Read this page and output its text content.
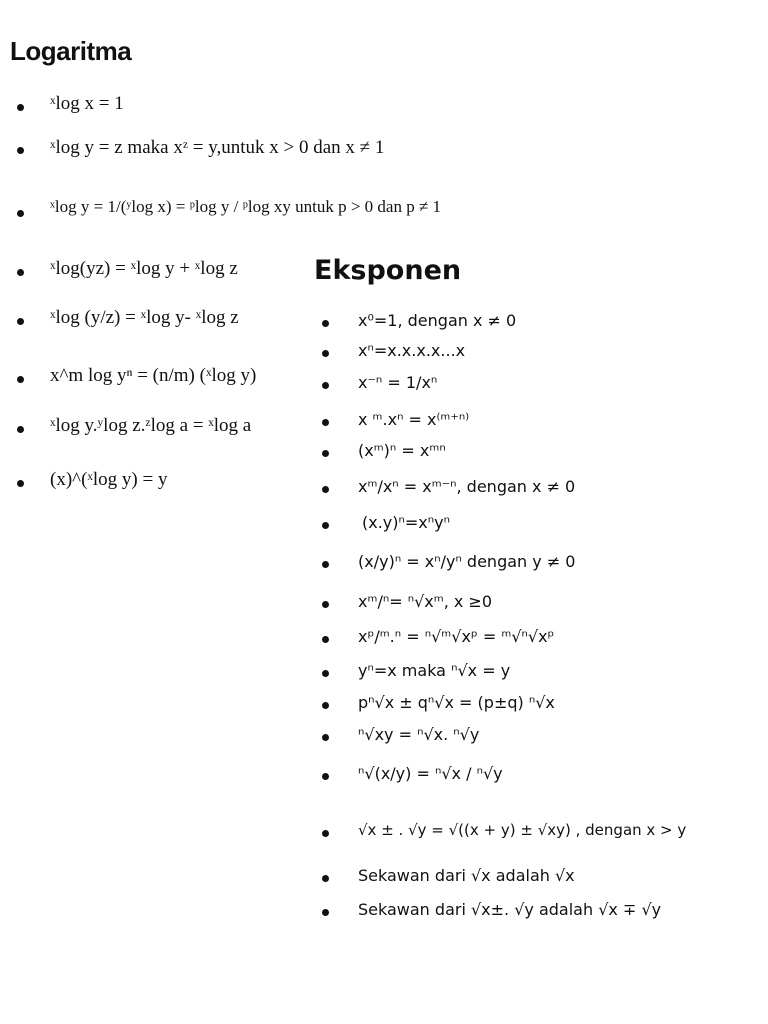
Logaritma
Eksponen
ˣlog x = 1
ˣlog y = z maka xᶻ = y,untuk x > 0 dan x ≠ 1
ˣlog y = 1/(ʸlog x) = ᵖlog y / ᵖlog xy untuk p > 0 dan p ≠ 1
ˣlog(yz) = ˣlog y + ˣlog z
ˣlog (y/z) = ˣlog y- ˣlog z
x^m log yⁿ = (n/m) (ˣlog y)
ˣlog y.ʸlog z.ᶻlog a = ˣlog a
(x)^(ˣlog y) = y
x⁰=1, dengan x ≠ 0
xⁿ=x.x.x.x...x
x⁻ⁿ = 1/xⁿ
x ᵐ.xⁿ = x⁽ᵐ⁺ⁿ⁾
(xᵐ)ⁿ = xᵐⁿ
xᵐ/xⁿ = xᵐ⁻ⁿ, dengan x ≠ 0
(x.y)ⁿ=xⁿyⁿ
(x/y)ⁿ = xⁿ/yⁿ dengan y ≠ 0
xᵐ/ⁿ= ⁿ√xᵐ, x ≥0
xᵖ/ᵐ.ⁿ = ⁿ√ᵐ√xᵖ = ᵐ√ⁿ√xᵖ
yⁿ=x maka ⁿ√x = y
pⁿ√x ± qⁿ√x = (p±q) ⁿ√x
ⁿ√xy = ⁿ√x. ⁿ√y
ⁿ√(x/y) = ⁿ√x / ⁿ√y
√x ± . √y = √((x + y) ± √xy) , dengan x > y
Sekawan dari √x adalah √x
Sekawan dari √x±. √y adalah √x ∓ √y
